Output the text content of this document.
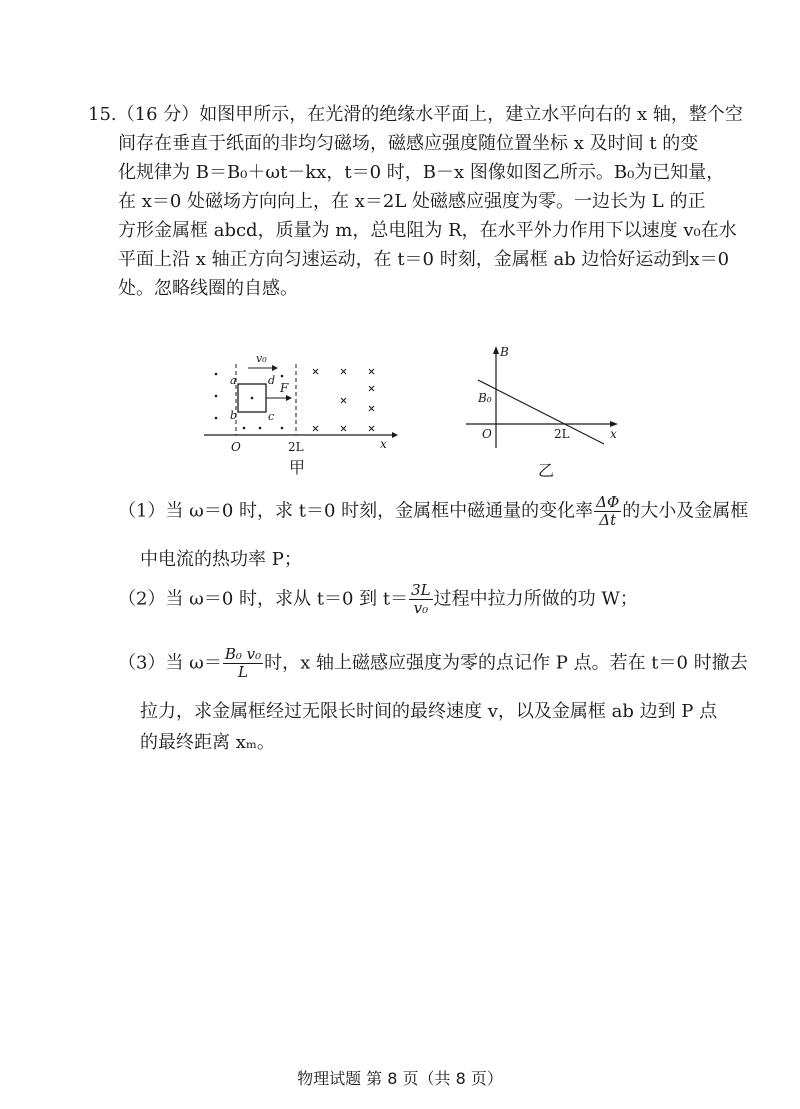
15.（16 分）如图甲所示，在光滑的绝缘水平面上，建立水平向右的 x 轴，整个空
间存在垂直于纸面的非均匀磁场，磁感应强度随位置坐标 x 及时间 t 的变
化规律为 B＝B₀＋ωt－kx，t＝0 时，B－x 图像如图乙所示。B₀为已知量，
在 x＝0 处磁场方向向上，在 x＝2L 处磁感应强度为零。一边长为 L 的正
方形金属框 abcd，质量为 m，总电阻为 R，在水平外力作用下以速度 v₀在水
平面上沿 x 轴正方向匀速运动，在 t＝0 时刻，金属框 ab 边恰好运动到x＝0
处。忽略线圈的自感。
v₀
F
a
b	c
d
O	2L	x
甲
B
B₀
O	2L	x
乙
（1）当 ω＝0 时，求 t＝0 时刻，金属框中磁通量的变化率 $\frac{\Delta\Phi}{\Delta t}$ 的大小及金属框
中电流的热功率 P；
（2）当 ω＝0 时，求从 t＝0 到 $t= \frac{3L}{\text{v₀}}$ 过程中拉力所做的功 W；
（3）当 $\omega= \frac{\text{B₀ v₀}}{L}$ 时，x 轴上磁感应强度为零的点记作 P 点。若在 t＝0 时撤去
拉力，求金属框经过无限长时间的最终速度 v，以及金属框 ab 边到 P 点
的最终距离 xₘ。
物理试题 第 8 页（共 8 页）
